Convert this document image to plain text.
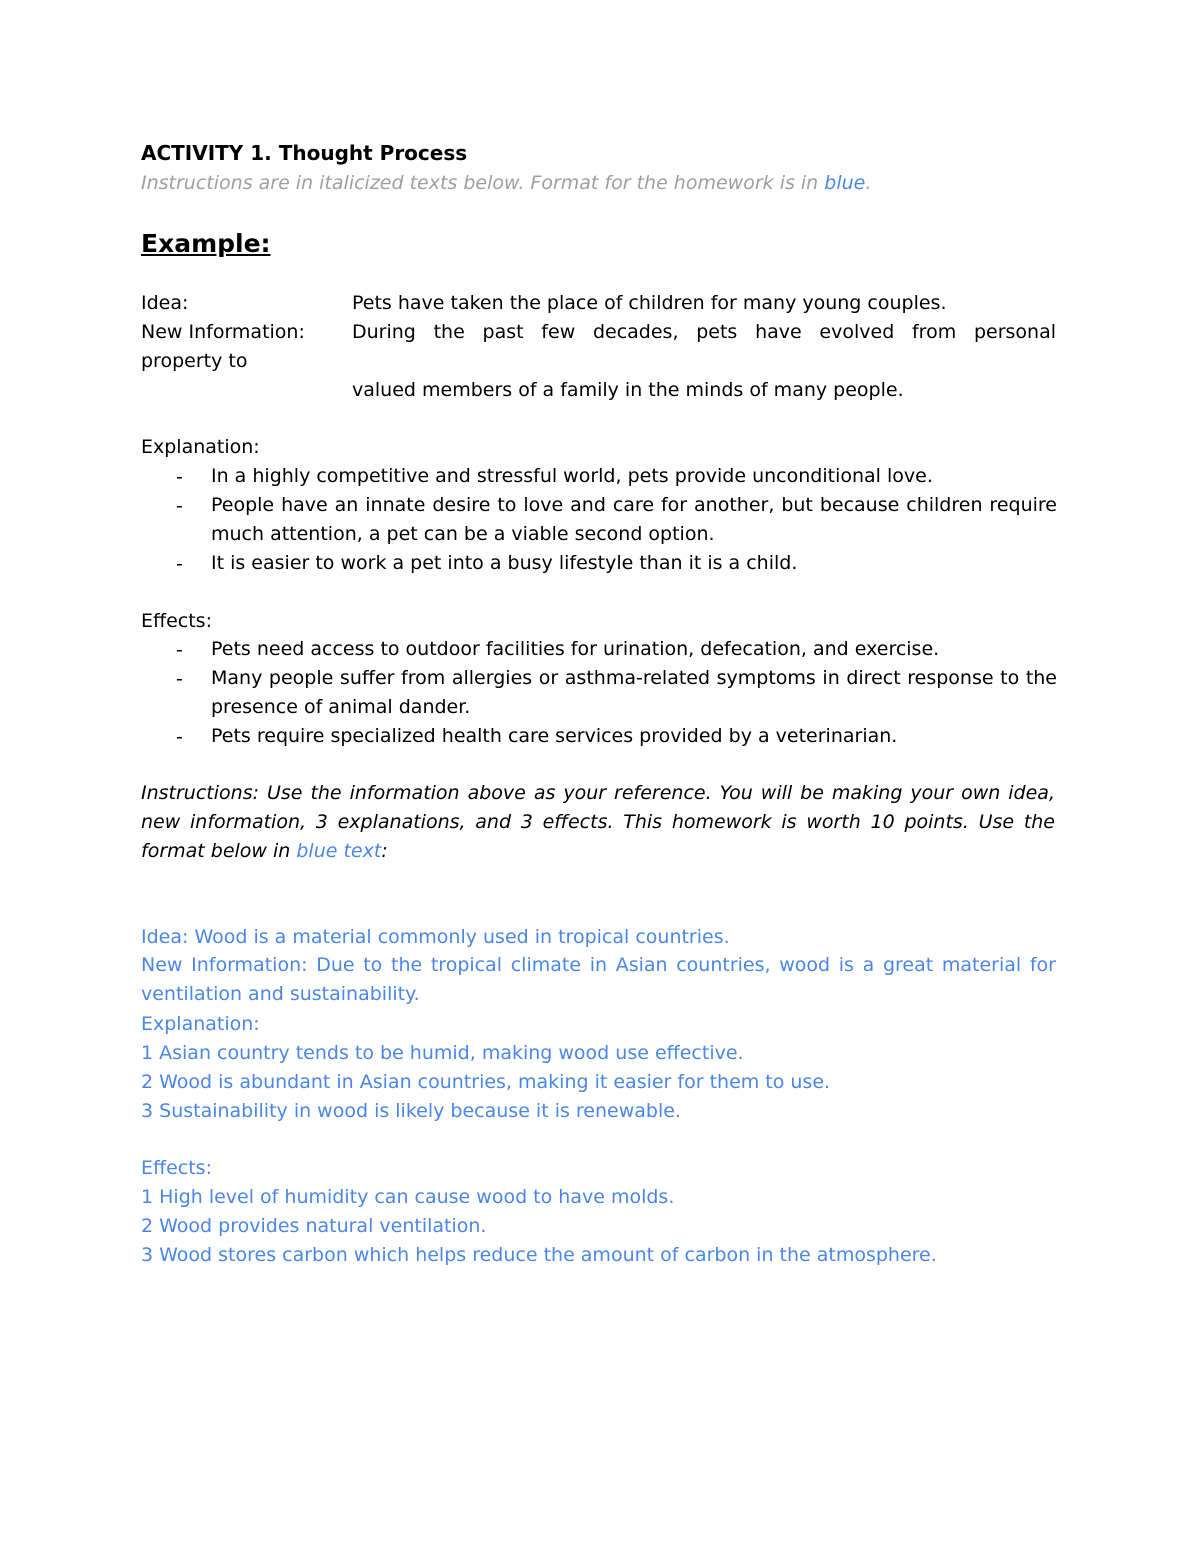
ACTIVITY 1. Thought Process
Instructions are in italicized texts below. Format for the homework is in blue.
Example:
Idea:	Pets have taken the place of children for many young couples.
New Information: During the past few decades, pets have evolved from personal
property to
valued members of a family in the minds of many people.
Explanation:
- In a highly competitive and stressful world, pets provide unconditional love.
- People have an innate desire to love and care for another, but because children require much attention, a pet can be a viable second option.
- It is easier to work a pet into a busy lifestyle than it is a child.
Effects:
- Pets need access to outdoor facilities for urination, defecation, and exercise.
- Many people suffer from allergies or asthma-related symptoms in direct response to the presence of animal dander.
- Pets require specialized health care services provided by a veterinarian.
Instructions: Use the information above as your reference. You will be making your own idea, new information, 3 explanations, and 3 effects. This homework is worth 10 points. Use the format below in blue text:
Idea: Wood is a material commonly used in tropical countries.
New Information: Due to the tropical climate in Asian countries, wood is a great material for ventilation and sustainability.
Explanation:
1 Asian country tends to be humid, making wood use effective.
2 Wood is abundant in Asian countries, making it easier for them to use.
3 Sustainability in wood is likely because it is renewable.
Effects:
1 High level of humidity can cause wood to have molds.
2 Wood provides natural ventilation.
3 Wood stores carbon which helps reduce the amount of carbon in the atmosphere.
